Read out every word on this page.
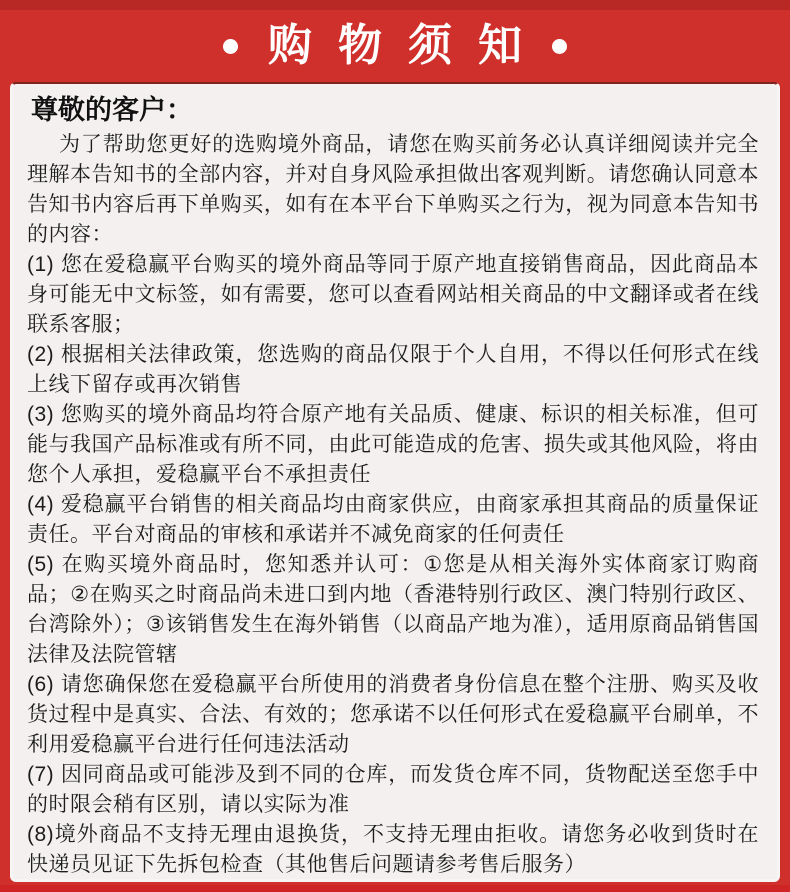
购物须知
尊敬的客户：

为了帮助您更好的选购境外商品，请您在购买前务必认真详细阅读并完全理解本告知书的全部内容，并对自身风险承担做出客观判断。请您确认同意本告知书内容后再下单购买，如有在本平台下单购买之行为，视为同意本告知书的内容：

(1) 您在爱稳赢平台购买的境外商品等同于原产地直接销售商品，因此商品本身可能无中文标签，如有需要，您可以查看网站相关商品的中文翻译或者在线联系客服；

(2) 根据相关法律政策，您选购的商品仅限于个人自用，不得以任何形式在线上线下留存或再次销售

(3) 您购买的境外商品均符合原产地有关品质、健康、标识的相关标准，但可能与我国产品标准或有所不同，由此可能造成的危害、损失或其他风险，将由您个人承担，爱稳赢平台不承担责任

(4) 爱稳赢平台销售的相关商品均由商家供应，由商家承担其商品的质量保证责任。平台对商品的审核和承诺并不减免商家的任何责任

(5) 在购买境外商品时，您知悉并认可：①您是从相关海外实体商家订购商品；②在购买之时商品尚未进口到内地（香港特别行政区、澳门特别行政区、台湾除外）；③该销售发生在海外销售（以商品产地为准），适用原商品销售国法律及法院管辖

(6) 请您确保您在爱稳赢平台所使用的消费者身份信息在整个注册、购买及收货过程中是真实、合法、有效的；您承诺不以任何形式在爱稳赢平台刷单，不利用爱稳赢平台进行任何违法活动

(7) 因同商品或可能涉及到不同的仓库，而发货仓库不同，货物配送至您手中的时限会稍有区别，请以实际为准

(8)境外商品不支持无理由退换货，不支持无理由拒收。请您务必收到货时在快递员见证下先拆包检查（其他售后问题请参考售后服务）
